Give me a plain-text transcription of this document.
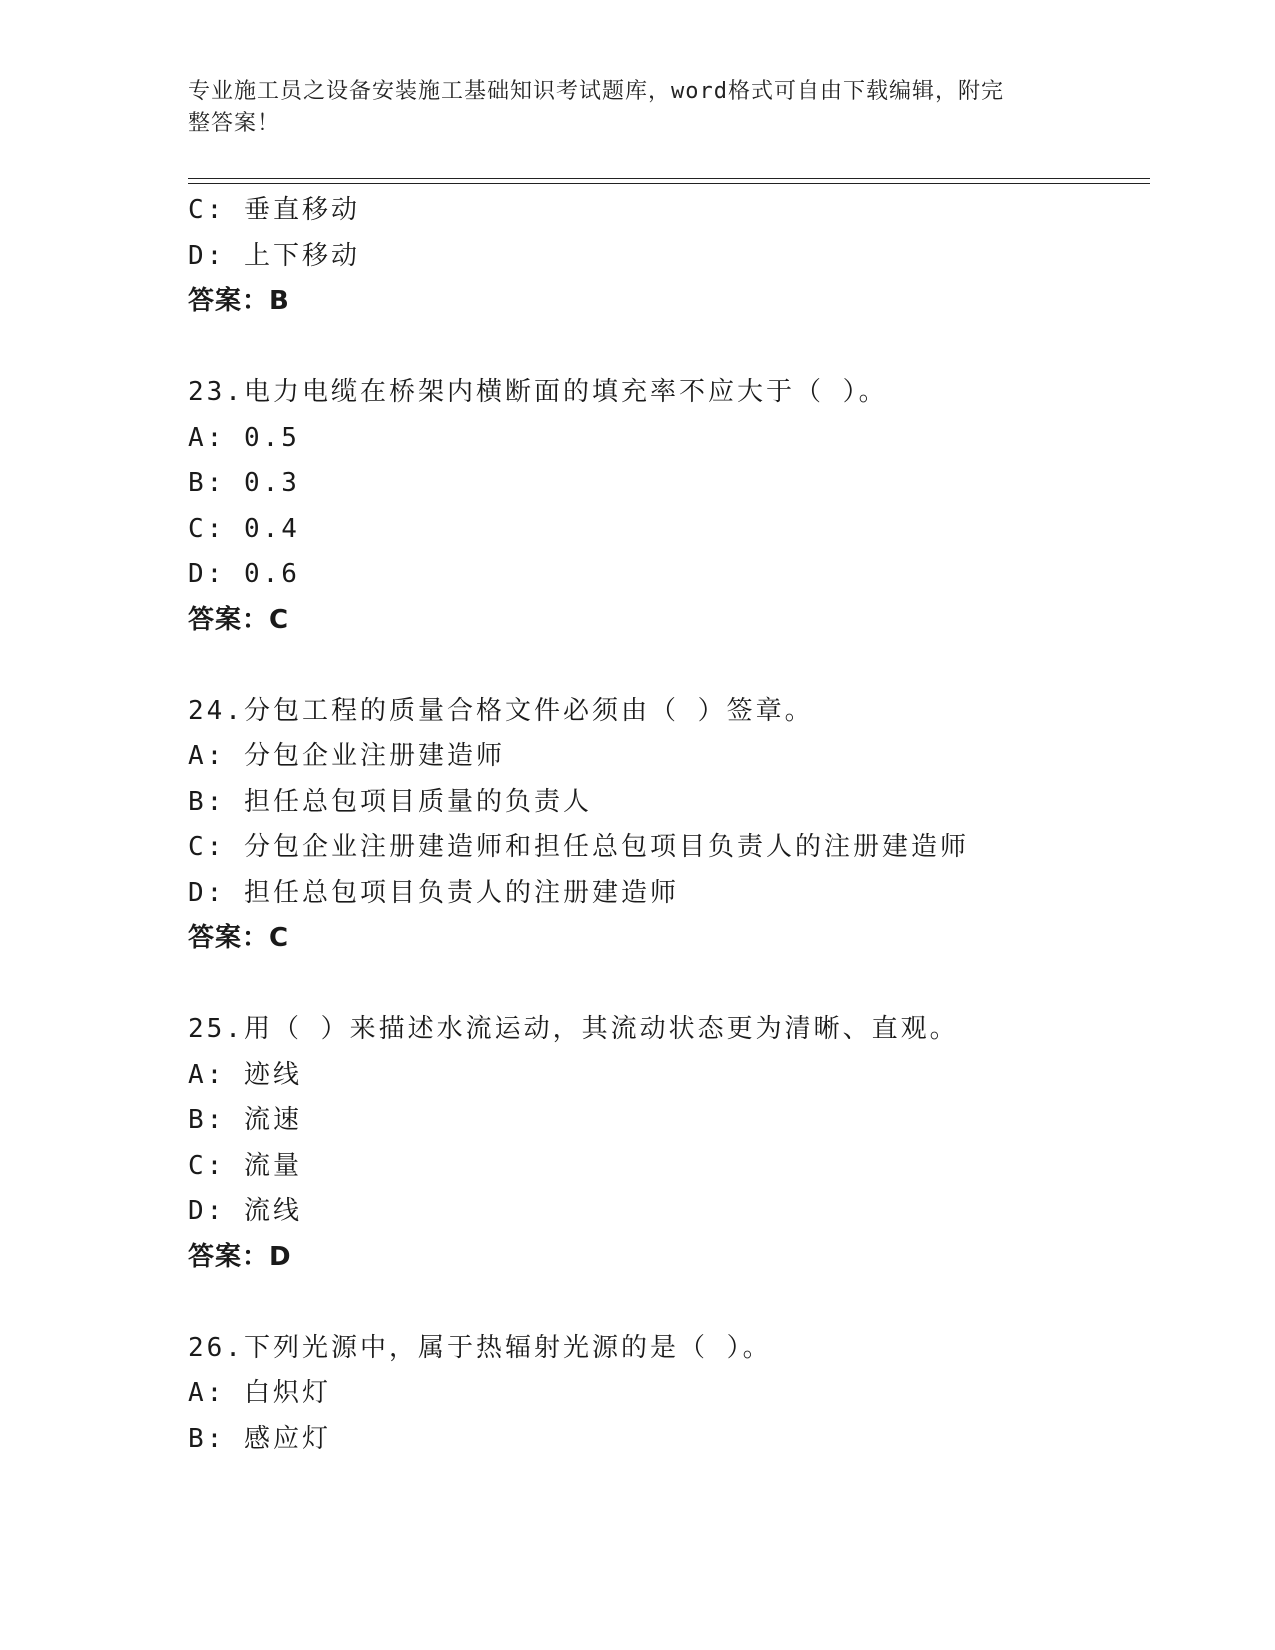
专业施工员之设备安装施工基础知识考试题库，word格式可自由下载编辑，附完
整答案！
C: 垂直移动
D: 上下移动
答案：B
23.电力电缆在桥架内横断面的填充率不应大于（ ）。
A: 0.5
B: 0.3
C: 0.4
D: 0.6
答案：C
24.分包工程的质量合格文件必须由（ ）签章。
A: 分包企业注册建造师
B: 担任总包项目质量的负责人
C: 分包企业注册建造师和担任总包项目负责人的注册建造师
D: 担任总包项目负责人的注册建造师
答案：C
25.用（ ）来描述水流运动，其流动状态更为清晰、直观。
A: 迹线
B: 流速
C: 流量
D: 流线
答案：D
26.下列光源中，属于热辐射光源的是（ ）。
A: 白炽灯
B: 感应灯
